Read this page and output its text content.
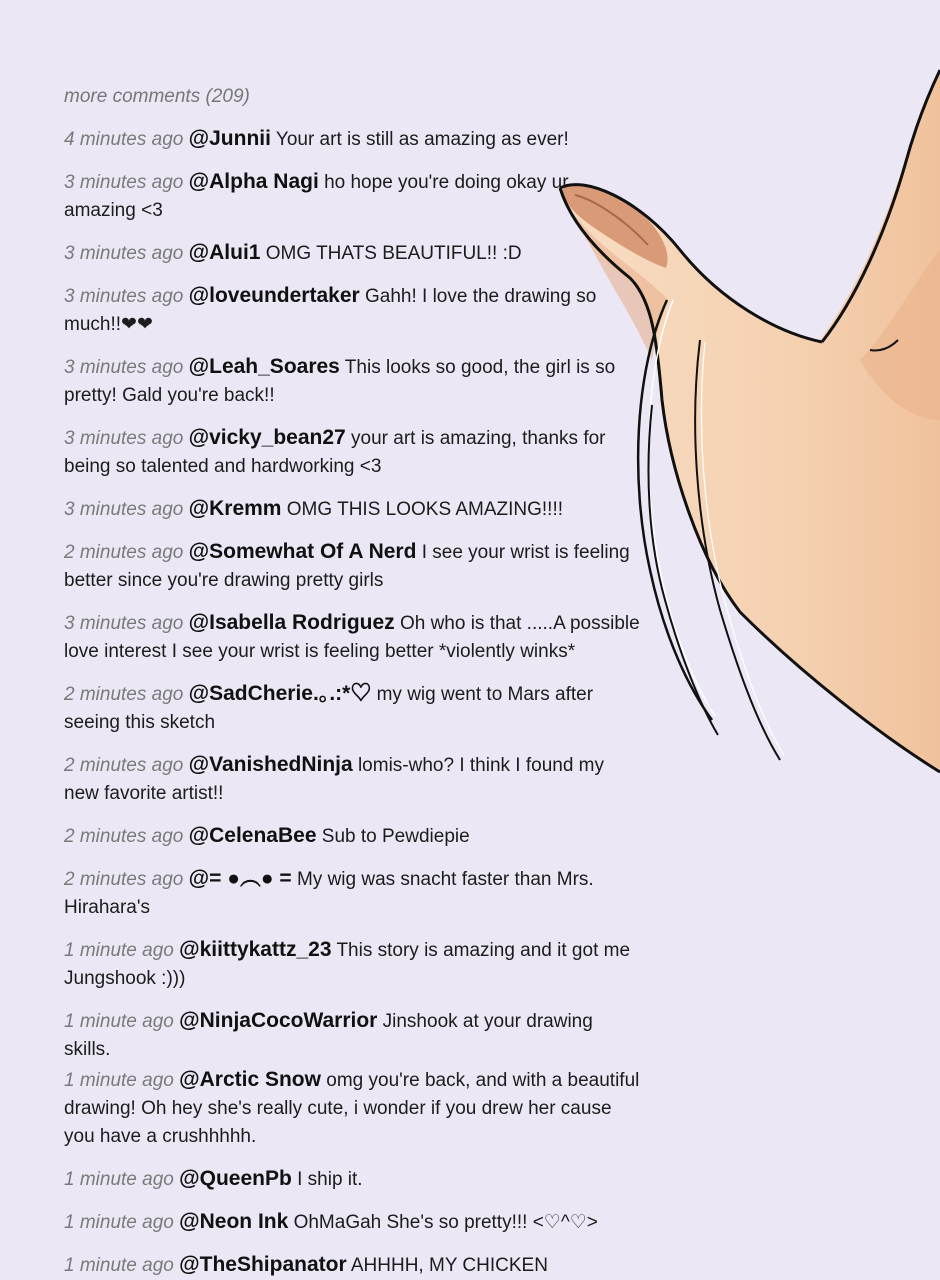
more comments (209)
4 minutes ago @Junnii Your art is still as amazing as ever!
3 minutes ago @Alpha Nagi ho hope you're doing okay ur amazing <3
3 minutes ago @Alui1 OMG THATS BEAUTIFUL!! :D
3 minutes ago @loveundertaker Gahh! I love the drawing so much!!❤❤
3 minutes ago @Leah_Soares This looks so good, the girl is so pretty! Gald you're back!!
3 minutes ago @vicky_bean27 your art is amazing, thanks for being so talented and hardworking <3
3 minutes ago @Kremm OMG THIS LOOKS AMAZING!!!!
2 minutes ago @Somewhat Of A Nerd I see your wrist is feeling better since you're drawing pretty girls
3 minutes ago @Isabella Rodriguez Oh who is that .....A possible love interest I see your wrist is feeling better *violently winks*
2 minutes ago @SadCherie.｡.:*♡ my wig went to Mars after seeing this sketch
2 minutes ago @VanishedNinja lomis-who? I think I found my new favorite artist!!
2 minutes ago @CelenaBee Sub to Pewdiepie
2 minutes ago @= ●︵● = My wig was snacht faster than Mrs. Hirahara's
1 minute ago @kiittykattz_23 This story is amazing and it got me Jungshook :)))
1 minute ago @NinjaCocoWarrior Jinshook at your drawing skills.
1 minute ago @Arctic Snow omg you're back, and with a beautiful drawing! Oh hey she's really cute, i wonder if you drew her cause you have a crushhhhh.
1 minute ago @QueenPb I ship it.
1 minute ago @Neon Ink OhMaGah She's so pretty!!! <♡^♡>
1 minute ago @TheShipanator AHHHH, MY CHICKEN
